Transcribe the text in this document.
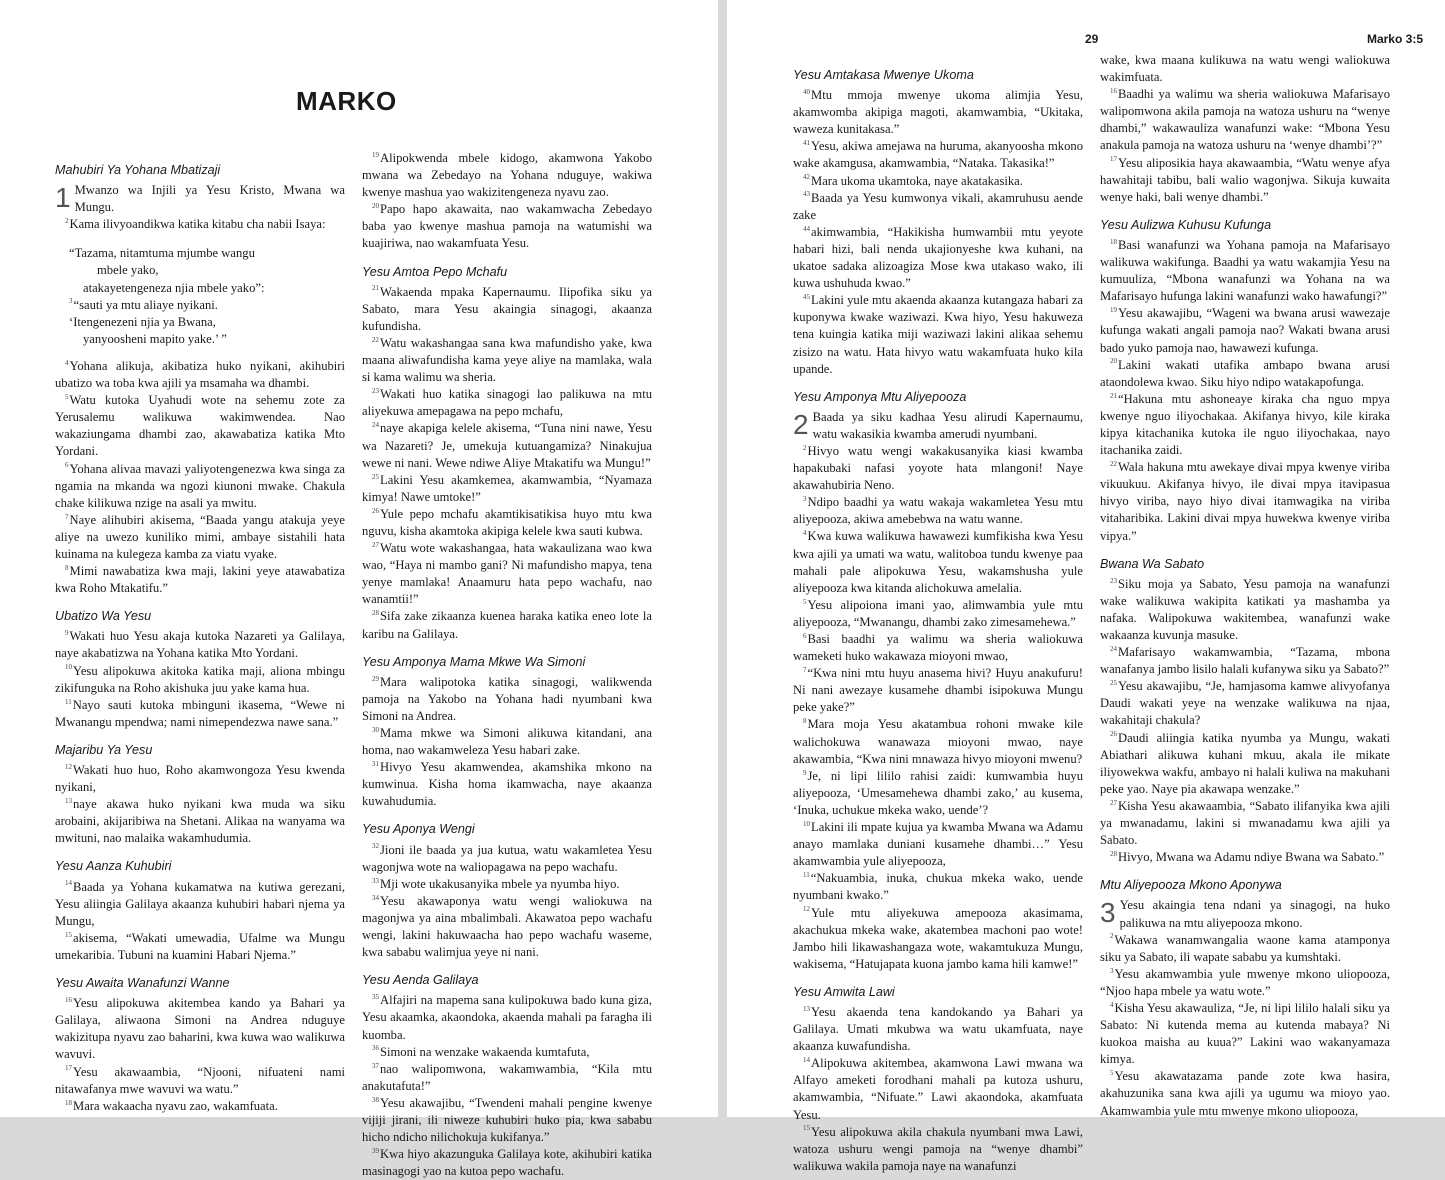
MARKO
Mahubiri Ya Yohana Mbatizaji

1 Mwanzo wa Injili ya Yesu Kristo, Mwana wa Mungu.

$^2$Kama ilivyoandikwa katika kitabu cha nabii Isaya:

“Tazama, nitamtuma mjumbe wangu

mbele yako,

atakayetengeneza njia mbele yako”:

$^3$“sauti ya mtu aliaye nyikani.

‘Itengenezeni njia ya Bwana,

yanyoosheni mapito yake.’ ”

$^4$Yohana alikuja, akibatiza huko nyikani, akihubiri ubatizo wa toba kwa ajili ya msamaha wa dhambi.

$^5$Watu kutoka Uyahudi wote na sehemu zote za Yerusalemu walikuwa wakimwendea. Nao wakaziungama dhambi zao, akawabatiza katika Mto Yordani.

$^6$Yohana alivaa mavazi yaliyotengenezwa kwa singa za ngamia na mkanda wa ngozi kiunoni mwake. Chakula chake kilikuwa nzige na asali ya mwitu.

$^7$Naye alihubiri akisema, “Baada yangu atakuja yeye aliye na uwezo kuniliko mimi, ambaye sistahili hata kuinama na kulegeza kamba za viatu vyake.

$^8$Mimi nawabatiza kwa maji, lakini yeye atawabatiza kwa Roho Mtakatifu.”

Ubatizo Wa Yesu

$^9$Wakati huo Yesu akaja kutoka Nazareti ya Galilaya, naye akabatizwa na Yohana katika Mto Yordani.

$^{10}$Yesu alipokuwa akitoka katika maji, aliona mbingu zikifunguka na Roho akishuka juu yake kama hua.

$^{11}$Nayo sauti kutoka mbinguni ikasema, “Wewe ni Mwanangu mpendwa; nami nimependezwa nawe sana.”

Majaribu Ya Yesu

$^{12}$Wakati huo huo, Roho akamwongoza Yesu kwenda nyikani,

$^{13}$naye akawa huko nyikani kwa muda wa siku arobaini, akijaribiwa na Shetani. Alikaa na wanyama wa mwituni, nao malaika wakamhudumia.

Yesu Aanza Kuhubiri

$^{14}$Baada ya Yohana kukamatwa na kutiwa gerezani, Yesu aliingia Galilaya akaanza kuhubiri habari njema ya Mungu,

$^{15}$akisema, “Wakati umewadia, Ufalme wa Mungu umekaribia. Tubuni na kuamini Habari Njema.”

Yesu Awaita Wanafunzi Wanne

$^{16}$Yesu alipokuwa akitembea kando ya Bahari ya Galilaya, aliwaona Simoni na Andrea nduguye wakizitupa nyavu zao baharini, kwa kuwa wao walikuwa wavuvi.

$^{17}$Yesu akawaambia, “Njooni, nifuateni nami nitawafanya mwe wavuvi wa watu.”

$^{18}$Mara wakaacha nyavu zao, wakamfuata.

$^{19}$Alipokwenda mbele kidogo, akamwona Yakobo mwana wa Zebedayo na Yohana nduguye, wakiwa kwenye mashua yao wakizitengeneza nyavu zao.

$^{20}$Papo hapo akawaita, nao wakamwacha Zebedayo baba yao kwenye mashua pamoja na watumishi wa kuajiriwa, nao wakamfuata Yesu.

Yesu Amtoa Pepo Mchafu

$^{21}$Wakaenda mpaka Kapernaumu. Ilipofika siku ya Sabato, mara Yesu akaingia sinagogi, akaanza kufundisha.

$^{22}$Watu wakashangaa sana kwa mafundisho yake, kwa maana aliwafundisha kama yeye aliye na mamlaka, wala si kama walimu wa sheria.

$^{23}$Wakati huo katika sinagogi lao palikuwa na mtu aliyekuwa amepagawa na pepo mchafu,

$^{24}$naye akapiga kelele akisema, “Tuna nini nawe, Yesu wa Nazareti? Je, umekuja kutuangamiza? Ninakujua wewe ni nani. Wewe ndiwe Aliye Mtakatifu wa Mungu!”

$^{25}$Lakini Yesu akamkemea, akamwambia, “Nyamaza kimya! Nawe umtoke!”

$^{26}$Yule pepo mchafu akamtikisatikisa huyo mtu kwa nguvu, kisha akamtoka akipiga kelele kwa sauti kubwa.

$^{27}$Watu wote wakashangaa, hata wakaulizana wao kwa wao, “Haya ni mambo gani? Ni mafundisho mapya, tena yenye mamlaka! Anaamuru hata pepo wachafu, nao wanamtii!”

$^{28}$Sifa zake zikaanza kuenea haraka katika eneo lote la karibu na Galilaya.

Yesu Amponya Mama Mkwe Wa Simoni

$^{29}$Mara walipotoka katika sinagogi, walikwenda pamoja na Yakobo na Yohana hadi nyumbani kwa Simoni na Andrea.

$^{30}$Mama mkwe wa Simoni alikuwa kitandani, ana homa, nao wakamweleza Yesu habari zake.

$^{31}$Hivyo Yesu akamwendea, akamshika mkono na kumwinua. Kisha homa ikamwacha, naye akaanza kuwahudumia.

Yesu Aponya Wengi

$^{32}$Jioni ile baada ya jua kutua, watu wakamletea Yesu wagonjwa wote na waliopagawa na pepo wachafu.

$^{33}$Mji wote ukakusanyika mbele ya nyumba hiyo.

$^{34}$Yesu akawaponya watu wengi waliokuwa na magonjwa ya aina mbalimbali. Akawatoa pepo wachafu wengi, lakini hakuwaacha hao pepo wachafu waseme, kwa sababu walimjua yeye ni nani.

Yesu Aenda Galilaya

$^{35}$Alfajiri na mapema sana kulipokuwa bado kuna giza, Yesu akaamka, akaondoka, akaenda mahali pa faragha ili kuomba.

$^{36}$Simoni na wenzake wakaenda kumtafuta,

$^{37}$nao walipomwona, wakamwambia, “Kila mtu anakutafuta!”

$^{38}$Yesu akawajibu, “Twendeni mahali pengine kwenye vijiji jirani, ili niweze kuhubiri huko pia, kwa sababu hicho ndicho nilichokuja kukifanya.”

$^{39}$Kwa hiyo akazunguka Galilaya kote, akihubiri katika masinagogi yao na kutoa pepo wachafu.

29	Marko 3:5
Yesu Amtakasa Mwenye Ukoma

$^{40}$Mtu mmoja mwenye ukoma alimjia Yesu, akamwomba akipiga magoti, akamwambia, “Ukitaka, waweza kunitakasa.”

$^{41}$Yesu, akiwa amejawa na huruma, akanyoosha mkono wake akamgusa, akamwambia, “Nataka. Takasika!”

$^{42}$Mara ukoma ukamtoka, naye akatakasika.

$^{43}$Baada ya Yesu kumwonya vikali, akamruhusu aende zake

$^{44}$akimwambia, “Hakikisha humwambii mtu yeyote habari hizi, bali nenda ukajionyeshe kwa kuhani, na ukatoe sadaka alizoagiza Mose kwa utakaso wako, ili kuwa ushuhuda kwao.”

$^{45}$Lakini yule mtu akaenda akaanza kutangaza habari za kuponywa kwake waziwazi. Kwa hiyo, Yesu hakuweza tena kuingia katika miji waziwazi lakini alikaa sehemu zisizo na watu. Hata hivyo watu wakamfuata huko kila upande.

Yesu Amponya Mtu Aliyepooza

2 Baada ya siku kadhaa Yesu alirudi Kapernaumu, watu wakasikia kwamba amerudi nyumbani.

$^2$Hivyo watu wengi wakakusanyika kiasi kwamba hapakubaki nafasi yoyote hata mlangoni! Naye akawahubiria Neno.

$^3$Ndipo baadhi ya watu wakaja wakamletea Yesu mtu aliyepooza, akiwa amebebwa na watu wanne.

$^4$Kwa kuwa walikuwa hawawezi kumfikisha kwa Yesu kwa ajili ya umati wa watu, walitoboa tundu kwenye paa mahali pale alipokuwa Yesu, wakamshusha yule aliyepooza kwa kitanda alichokuwa amelalia.

$^5$Yesu alipoiona imani yao, alimwambia yule mtu aliyepooza, “Mwanangu, dhambi zako zimesamehewa.”

$^6$Basi baadhi ya walimu wa sheria waliokuwa wameketi huko wakawaza mioyoni mwao,

$^7$“Kwa nini mtu huyu anasema hivi? Huyu anakufuru! Ni nani awezaye kusamehe dhambi isipokuwa Mungu peke yake?”

$^8$Mara moja Yesu akatambua rohoni mwake kile walichokuwa wanawaza mioyoni mwao, naye akawambia, “Kwa nini mnawaza hivyo mioyoni mwenu?

$^9$Je, ni lipi lililo rahisi zaidi: kumwambia huyu aliyepooza, ‘Umesamehewa dhambi zako,’ au kusema, ‘Inuka, uchukue mkeka wako, uende’?

$^{10}$Lakini ili mpate kujua ya kwamba Mwana wa Adamu anayo mamlaka duniani kusamehe dhambi…” Yesu akamwambia yule aliyepooza,

$^{11}$“Nakuambia, inuka, chukua mkeka wako, uende nyumbani kwako.”

$^{12}$Yule mtu aliyekuwa amepooza akasimama, akachukua mkeka wake, akatembea machoni pao wote! Jambo hili likawashangaza wote, wakamtukuza Mungu, wakisema, “Hatujapata kuona jambo kama hili kamwe!”

Yesu Amwita Lawi

$^{13}$Yesu akaenda tena kandokando ya Bahari ya Galilaya. Umati mkubwa wa watu ukamfuata, naye akaanza kuwafundisha.

$^{14}$Alipokuwa akitembea, akamwona Lawi mwana wa Alfayo ameketi forodhani mahali pa kutoza ushuru, akamwambia, “Nifuate.” Lawi akaondoka, akamfuata Yesu.

$^{15}$Yesu alipokuwa akila chakula nyumbani mwa Lawi, watoza ushuru wengi pamoja na “wenye dhambi” walikuwa wakila pamoja naye na wanafunzi

wake, kwa maana kulikuwa na watu wengi waliokuwa wakimfuata.

$^{16}$Baadhi ya walimu wa sheria waliokuwa Mafarisayo walipomwona akila pamoja na watoza ushuru na “wenye dhambi,” wakawauliza wanafunzi wake: “Mbona Yesu anakula pamoja na watoza ushuru na ‘wenye dhambi’?”

$^{17}$Yesu aliposikia haya akawaambia, “Watu wenye afya hawahitaji tabibu, bali walio wagonjwa. Sikuja kuwaita wenye haki, bali wenye dhambi.”

Yesu Aulizwa Kuhusu Kufunga

$^{18}$Basi wanafunzi wa Yohana pamoja na Mafarisayo walikuwa wakifunga. Baadhi ya watu wakamjia Yesu na kumuuliza, “Mbona wanafunzi wa Yohana na wa Mafarisayo hufunga lakini wanafunzi wako hawafungi?”

$^{19}$Yesu akawajibu, “Wageni wa bwana arusi wawezaje kufunga wakati angali pamoja nao? Wakati bwana arusi bado yuko pamoja nao, hawawezi kufunga.

$^{20}$Lakini wakati utafika ambapo bwana arusi ataondolewa kwao. Siku hiyo ndipo watakapofunga.

$^{21}$“Hakuna mtu ashoneaye kiraka cha nguo mpya kwenye nguo iliyochakaa. Akifanya hivyo, kile kiraka kipya kitachanika kutoka ile nguo iliyochakaa, nayo itachanika zaidi.

$^{22}$Wala hakuna mtu awekaye divai mpya kwenye viriba vikuukuu. Akifanya hivyo, ile divai mpya itavipasua hivyo viriba, nayo hiyo divai itamwagika na viriba vitaharibika. Lakini divai mpya huwekwa kwenye viriba vipya.”

Bwana Wa Sabato

$^{23}$Siku moja ya Sabato, Yesu pamoja na wanafunzi wake walikuwa wakipita katikati ya mashamba ya nafaka. Walipokuwa wakitembea, wanafunzi wake wakaanza kuvunja masuke.

$^{24}$Mafarisayo wakamwambia, “Tazama, mbona wanafanya jambo lisilo halali kufanywa siku ya Sabato?”

$^{25}$Yesu akawajibu, “Je, hamjasoma kamwe alivyofanya Daudi wakati yeye na wenzake walikuwa na njaa, wakahitaji chakula?

$^{26}$Daudi aliingia katika nyumba ya Mungu, wakati Abiathari alikuwa kuhani mkuu, akala ile mikate iliyowekwa wakfu, ambayo ni halali kuliwa na makuhani peke yao. Naye pia akawapa wenzake.”

$^{27}$Kisha Yesu akawaambia, “Sabato ilifanyika kwa ajili ya mwanadamu, lakini si mwanadamu kwa ajili ya Sabato.

$^{28}$Hivyo, Mwana wa Adamu ndiye Bwana wa Sabato.”

Mtu Aliyepooza Mkono Aponywa

3 Yesu akaingia tena ndani ya sinagogi, na huko palikuwa na mtu aliyepooza mkono.

$^2$Wakawa wanamwangalia waone kama atamponya siku ya Sabato, ili wapate sababu ya kumshtaki.

$^3$Yesu akamwambia yule mwenye mkono uliopooza, “Njoo hapa mbele ya watu wote.”

$^4$Kisha Yesu akawauliza, “Je, ni lipi lililo halali siku ya Sabato: Ni kutenda mema au kutenda mabaya? Ni kuokoa maisha au kuua?” Lakini wao wakanyamaza kimya.

$^5$Yesu akawatazama pande zote kwa hasira, akahuzunika sana kwa ajili ya ugumu wa mioyo yao. Akamwambia yule mtu mwenye mkono uliopooza,
